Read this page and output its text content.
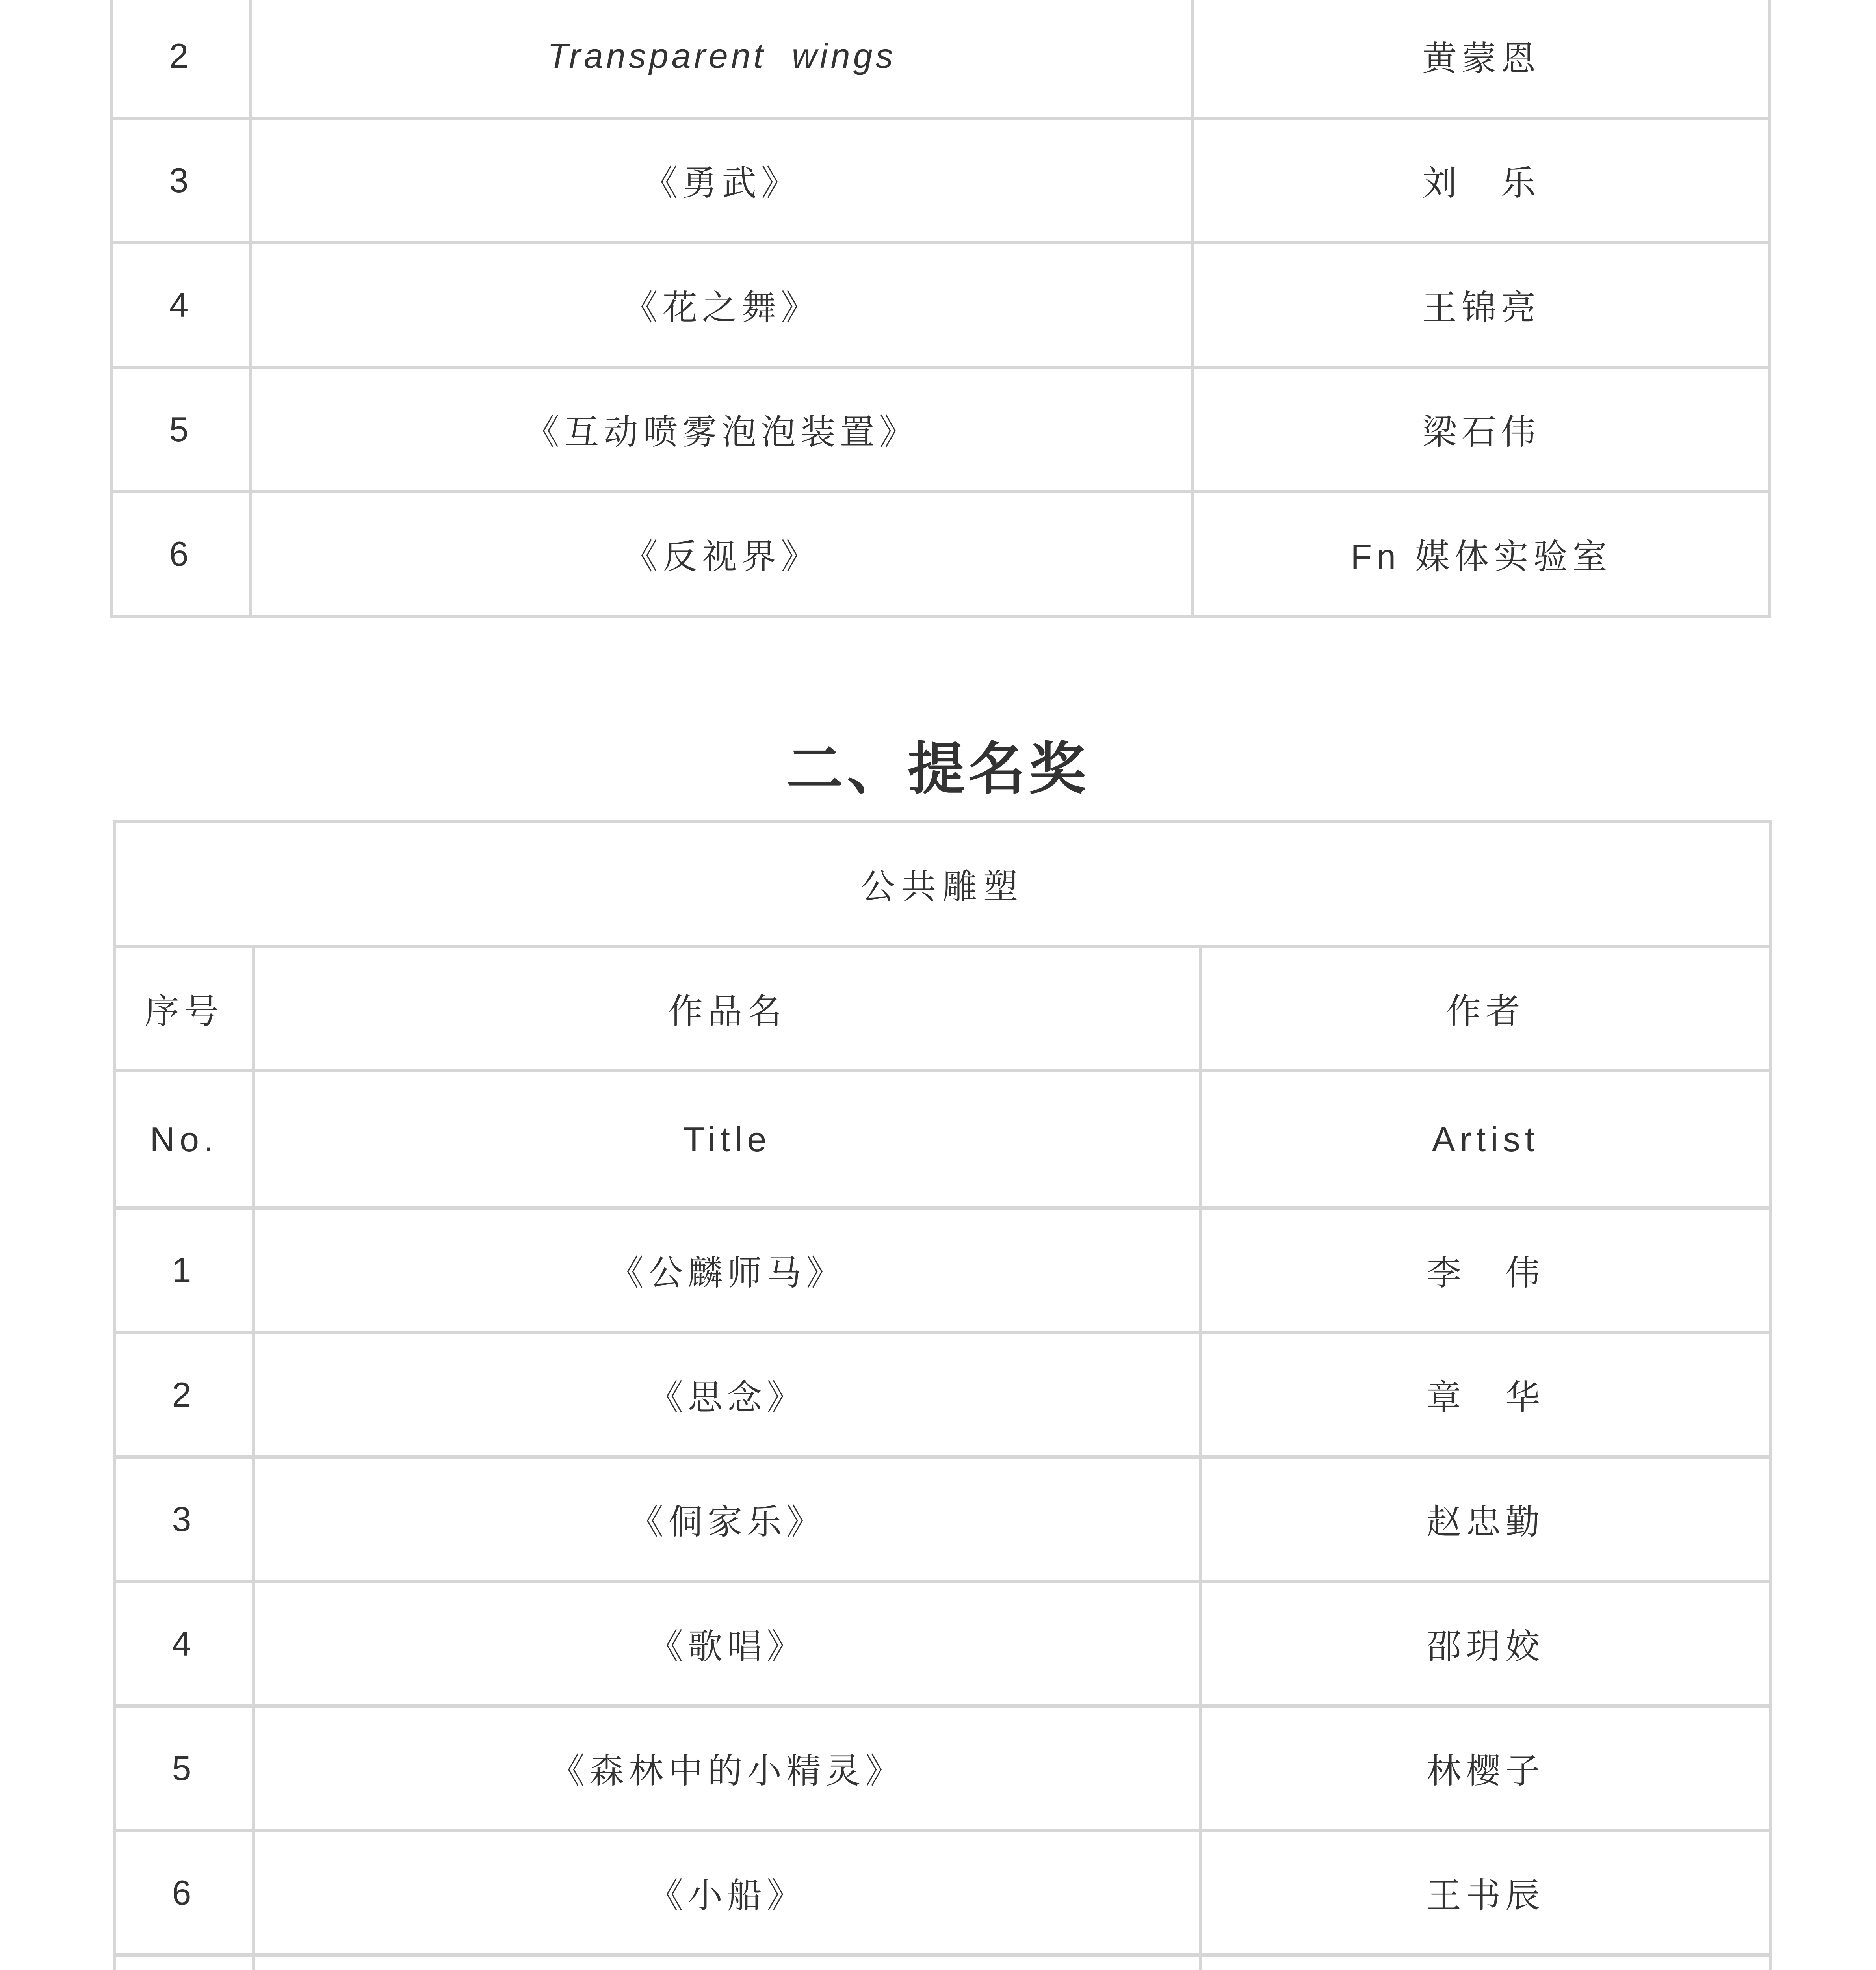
2	Transparent wings	黄蒙恩
3	《勇武》	刘　乐
4	《花之舞》	王锦亮
5	《互动喷雾泡泡装置》	梁石伟
6	《反视界》	Fn 媒体实验室
二、提名奖
公共雕塑		
序号	作品名	作者
No.	Title	Artist
1	《公麟师马》	李　伟
2	《思念》	章　华
3	《侗家乐》	赵忠勤
4	《歌唱》	邵玥姣
5	《森林中的小精灵》	林樱子
6	《小船》	王书辰
